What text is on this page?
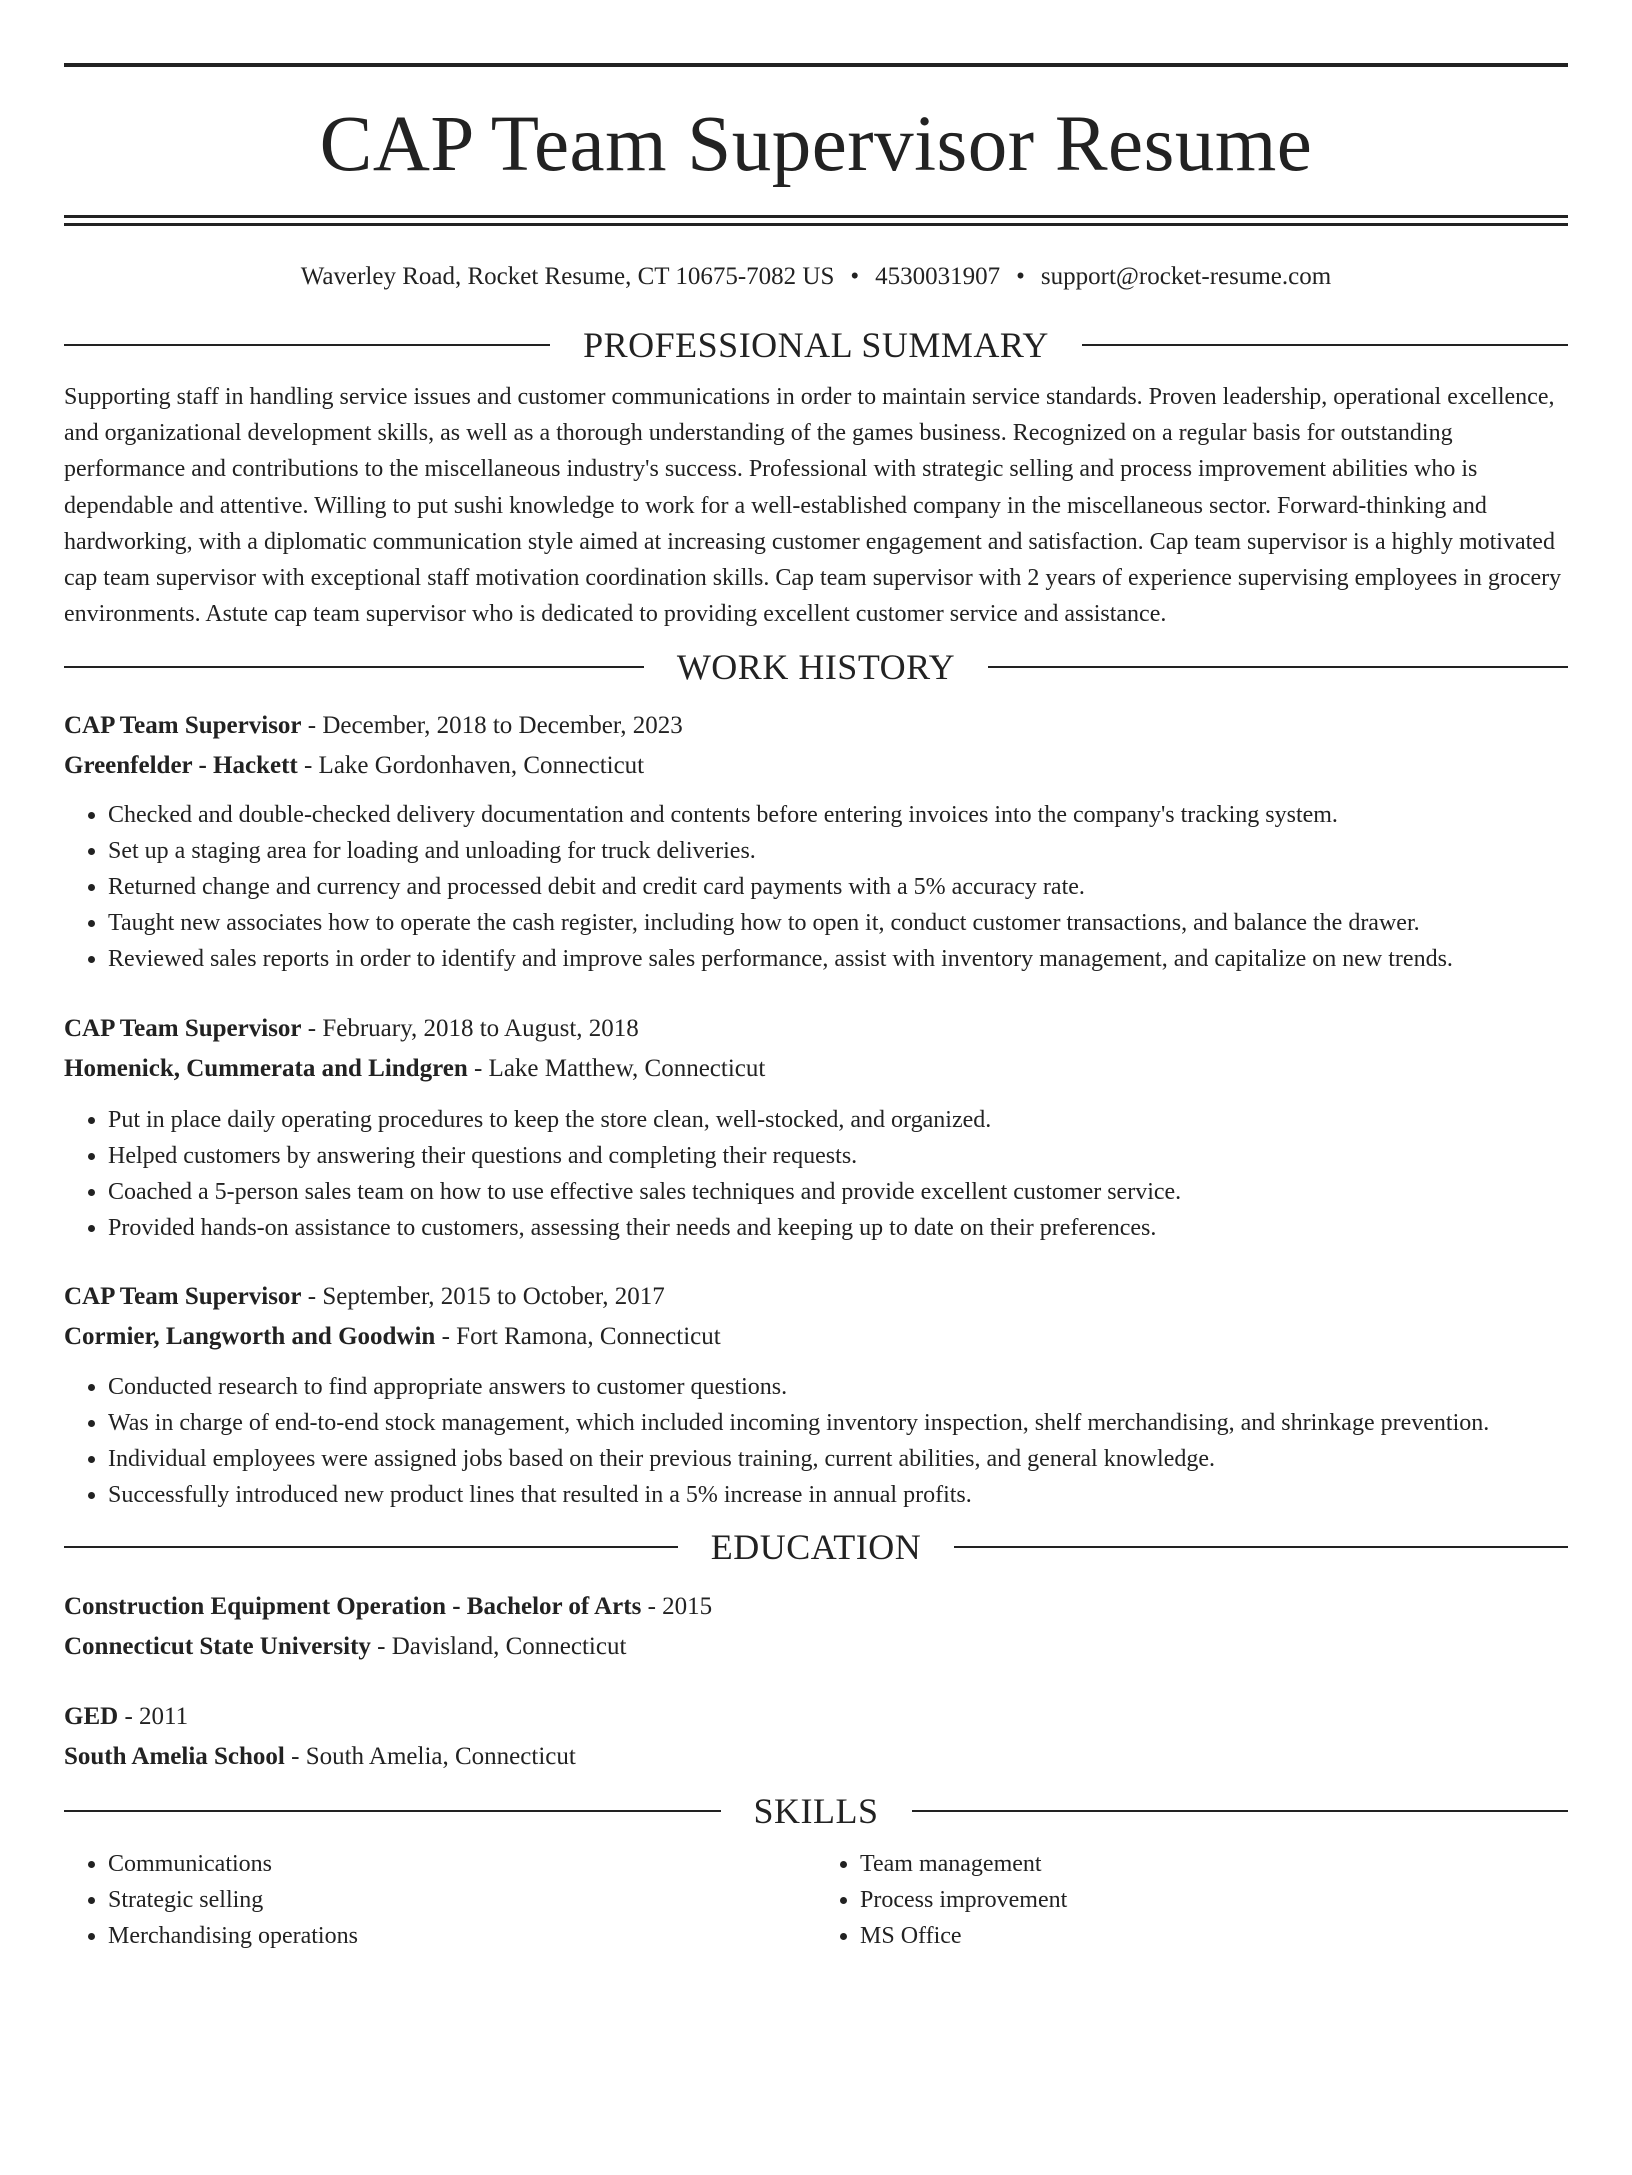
CAP Team Supervisor Resume
Waverley Road, Rocket Resume, CT 10675-7082 US • 4530031907 • support@rocket-resume.com
PROFESSIONAL SUMMARY

Supporting staff in handling service issues and customer communications in order to maintain service standards. Proven leadership, operational excellence, and organizational development skills, as well as a thorough understanding of the games business. Recognized on a regular basis for outstanding performance and contributions to the miscellaneous industry's success. Professional with strategic selling and process improvement abilities who is dependable and attentive. Willing to put sushi knowledge to work for a well-established company in the miscellaneous sector. Forward-thinking and hardworking, with a diplomatic communication style aimed at increasing customer engagement and satisfaction. Cap team supervisor is a highly motivated cap team supervisor with exceptional staff motivation coordination skills. Cap team supervisor with 2 years of experience supervising employees in grocery environments. Astute cap team supervisor who is dedicated to providing excellent customer service and assistance.

WORK HISTORY

CAP Team Supervisor - December, 2018 to December, 2023

Greenfelder - Hackett - Lake Gordonhaven, Connecticut

• Checked and double-checked delivery documentation and contents before entering invoices into the company's tracking system.
• Set up a staging area for loading and unloading for truck deliveries.
• Returned change and currency and processed debit and credit card payments with a 5% accuracy rate.
• Taught new associates how to operate the cash register, including how to open it, conduct customer transactions, and balance the drawer.
• Reviewed sales reports in order to identify and improve sales performance, assist with inventory management, and capitalize on new trends.

CAP Team Supervisor - February, 2018 to August, 2018

Homenick, Cummerata and Lindgren - Lake Matthew, Connecticut

• Put in place daily operating procedures to keep the store clean, well-stocked, and organized.
• Helped customers by answering their questions and completing their requests.
• Coached a 5-person sales team on how to use effective sales techniques and provide excellent customer service.
• Provided hands-on assistance to customers, assessing their needs and keeping up to date on their preferences.

CAP Team Supervisor - September, 2015 to October, 2017

Cormier, Langworth and Goodwin - Fort Ramona, Connecticut

• Conducted research to find appropriate answers to customer questions.
• Was in charge of end-to-end stock management, which included incoming inventory inspection, shelf merchandising, and shrinkage prevention.
• Individual employees were assigned jobs based on their previous training, current abilities, and general knowledge.
• Successfully introduced new product lines that resulted in a 5% increase in annual profits.
EDUCATION

Construction Equipment Operation - Bachelor of Arts - 2015

Connecticut State University - Davisland, Connecticut

GED - 2011

South Amelia School - South Amelia, Connecticut

SKILLS
• Communications
• Strategic selling
• Merchandising operations
• Team management
• Process improvement
• MS Office
